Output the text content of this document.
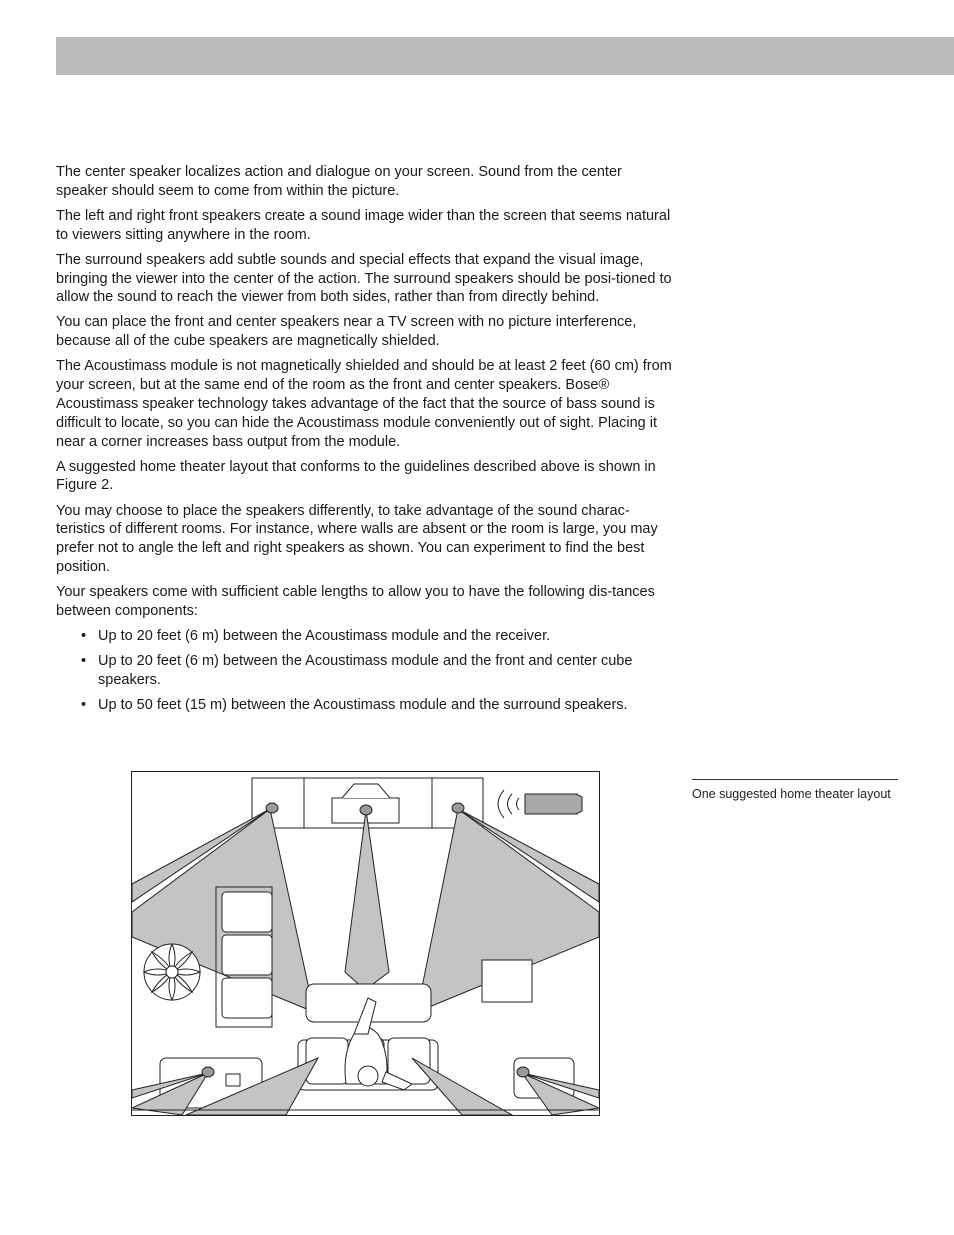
The center speaker localizes action and dialogue on your screen. Sound from the center speaker should seem to come from within the picture.

The left and right front speakers create a sound image wider than the screen that seems natural to viewers sitting anywhere in the room.

The surround speakers add subtle sounds and special effects that expand the visual image, bringing the viewer into the center of the action. The surround speakers should be posi-tioned to allow the sound to reach the viewer from both sides, rather than from directly behind.

You can place the front and center speakers near a TV screen with no picture interference, because all of the cube speakers are magnetically shielded.

The Acoustimass module is not magnetically shielded and should be at least 2 feet (60 cm) from your screen, but at the same end of the room as the front and center speakers. Bose® Acoustimass speaker technology takes advantage of the fact that the source of bass sound is difficult to locate, so you can hide the Acoustimass module conveniently out of sight. Placing it near a corner increases bass output from the module.

A suggested home theater layout that conforms to the guidelines described above is shown in Figure 2.

You may choose to place the speakers differently, to take advantage of the sound charac-teristics of different rooms. For instance, where walls are absent or the room is large, you may prefer not to angle the left and right speakers as shown. You can experiment to find the best position.

Your speakers come with sufficient cable lengths to allow you to have the following dis-tances between components:

• Up to 20 feet (6 m) between the Acoustimass module and the receiver.
• Up to 20 feet (6 m) between the Acoustimass module and the front and center cube speakers.
• Up to 50 feet (15 m) between the Acoustimass module and the surround speakers.
One suggested home theater layout
